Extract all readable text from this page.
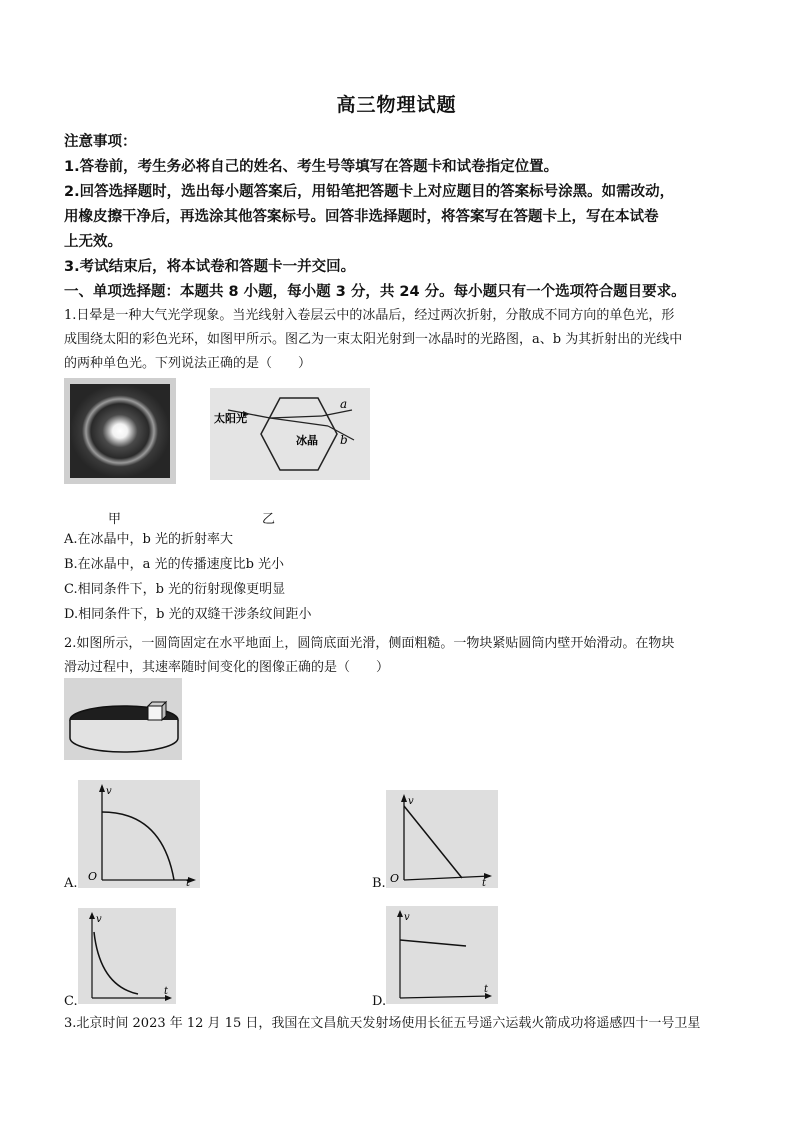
高三物理试题
注意事项：
1.答卷前，考生务必将自己的姓名、考生号等填写在答题卡和试卷指定位置。
2.回答选择题时，选出每小题答案后，用铅笔把答题卡上对应题目的答案标号涂黑。如需改动，
用橡皮擦干净后，再选涂其他答案标号。回答非选择题时，将答案写在答题卡上，写在本试卷
上无效。
3.考试结束后，将本试卷和答题卡一并交回。
一、单项选择题：本题共 8 小题，每小题 3 分，共 24 分。每小题只有一个选项符合题目要求。
1.日晕是一种大气光学现象。当光线射入卷层云中的冰晶后，经过两次折射，分散成不同方向的单色光，形
成围绕太阳的彩色光环，如图甲所示。图乙为一束太阳光射到一冰晶时的光路图，a、b 为其折射出的光线中
的两种单色光。下列说法正确的是（　　）
太阳光
冰晶
a
b
甲	乙
A.在冰晶中，b 光的折射率大
B.在冰晶中，a 光的传播速度比b 光小
C.相同条件下，b 光的衍射现像更明显
D.相同条件下，b 光的双缝干涉条纹间距小
2.如图所示，一圆筒固定在水平地面上，圆筒底面光滑，侧面粗糙。一物块紧贴圆筒内壁开始滑动。在物块
滑动过程中，其速率随时间变化的图像正确的是（　　）
v
O
t
A.
v
O	t
B.
v
t
C.
v
t
D.
3.北京时间 2023 年 12 月 15 日，我国在文昌航天发射场使用长征五号遥六运载火箭成功将遥感四十一号卫星
